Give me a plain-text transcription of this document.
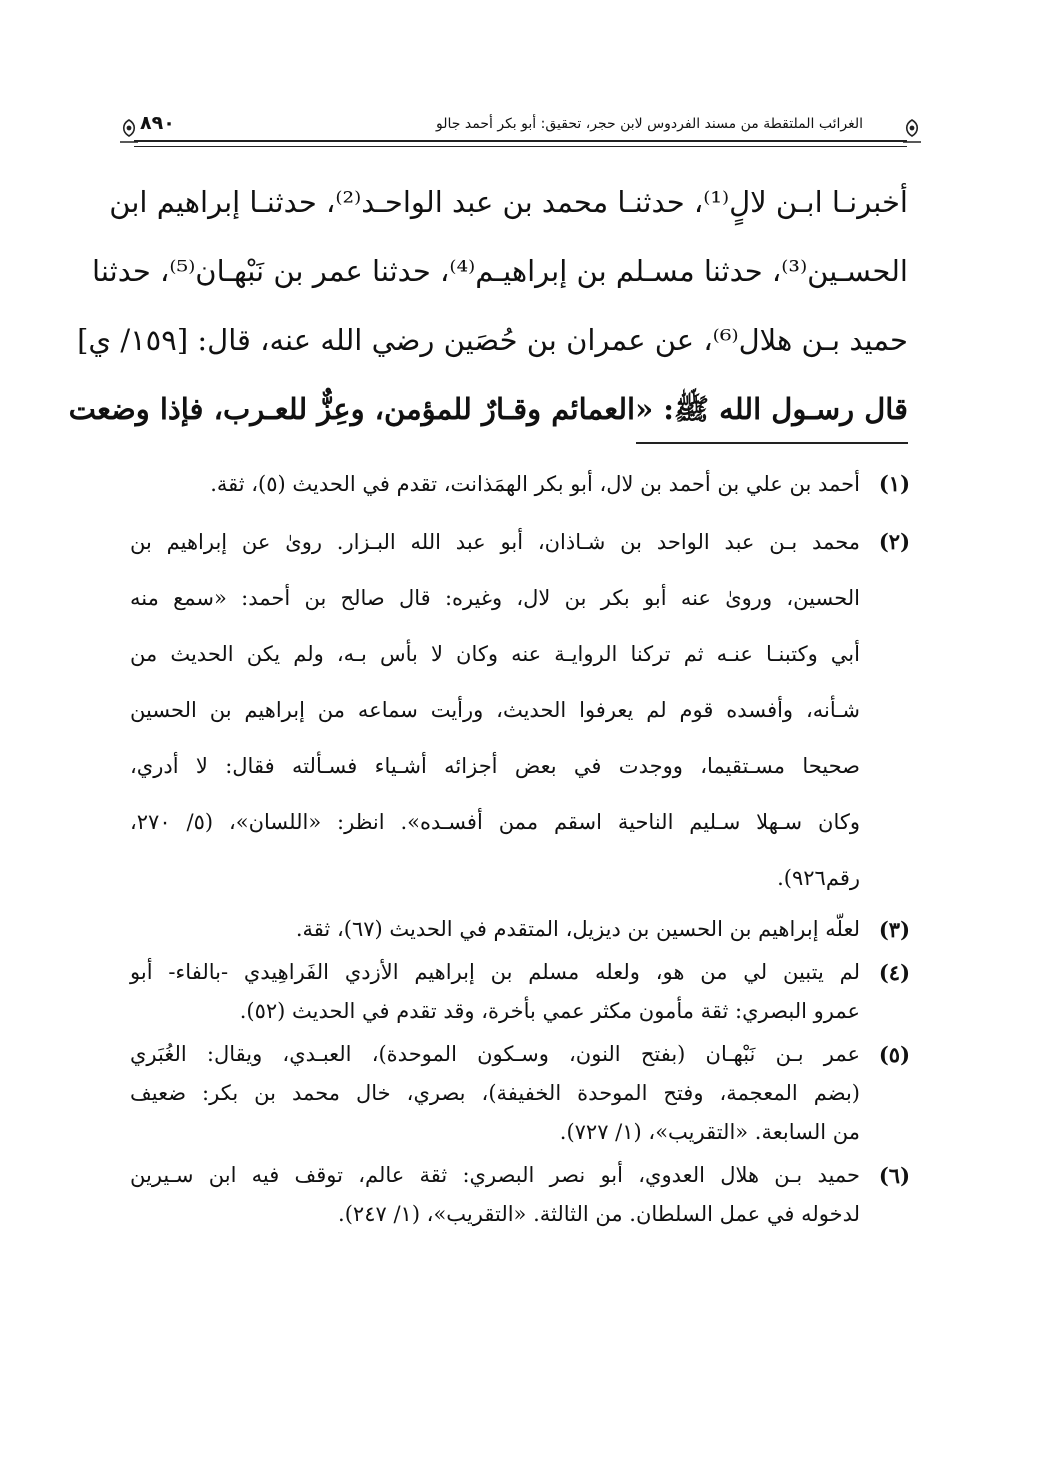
الغرائب الملتقطة من مسند الفردوس لابن حجر، تحقيق: أبو بكر أحمد جالو
٨٩٠
أخبرنـا ابـن لالٍ⁽¹⁾، حدثنـا محمد بن عبد الواحـد⁽²⁾، حدثنـا إبراهيم ابن
الحسـين⁽³⁾، حدثنا مسـلم بن إبراهيـم⁽⁴⁾، حدثنا عمر بن نَبْهـان⁽⁵⁾، حدثنا
حميد بـن هلال⁽⁶⁾، عن عمران بن حُصَين رضي الله عنه، قال: [١٥٩/ ي]
قال رسـول الله ﷺ: «العمائم وقـارٌ للمؤمن، وعِزٌّ للعـرب، فإذا وضعت
(١)
أحمد بن علي بن أحمد بن لال، أبو بكر الهمَذانت، تقدم في الحديث (٥)، ثقة.
(٢)
محمد بـن عبد الواحد بن شـاذان، أبو عبد الله البـزار. روىٰ عن إبراهيم بن
الحسين، وروىٰ عنه أبو بكر بن لال، وغيره: قال صالح بن أحمد: «سمع منه
أبي وكتبنـا عنـه ثم تركنا الروايـة عنه وكان لا بأس بـه، ولم يكن الحديث من
شـأنه، وأفسده قوم لم يعرفوا الحديث، ورأيت سماعه من إبراهيم بن الحسين
صحيحا مسـتقيما، ووجدت في بعض أجزائه أشـياء فسـألته فقال: لا أدري،
وكان سـهلا سـليم الناحية اسقم ممن أفسـده». انظر: «اللسان»، (٥/ ٢٧٠،
رقم٩٢٦).
(٣)
لعلّه إبراهيم بن الحسين بن ديزيل، المتقدم في الحديث (٦٧)، ثقة.
(٤)
لم يتبين لي من هو، ولعله مسلم بن إبراهيم الأزدي الفَراهِيدي -بالفاء- أبو
عمرو البصري: ثقة مأمون مكثر عمي بأخرة، وقد تقدم في الحديث (٥٢).
(٥)
عمر بـن نَبْهـان (بفتح النون، وسـكون الموحدة)، العبـدي، ويقال: الغُبَري
(بضم المعجمة، وفتح الموحدة الخفيفة)، بصري، خال محمد بن بكر: ضعيف
من السابعة. «التقريب»، (١/ ٧٢٧).
(٦)
حميد بـن هلال العدوي، أبو نصر البصري: ثقة عالم، توقف فيه ابن سـيرين
لدخوله في عمل السلطان. من الثالثة. «التقريب»، (١/ ٢٤٧).
